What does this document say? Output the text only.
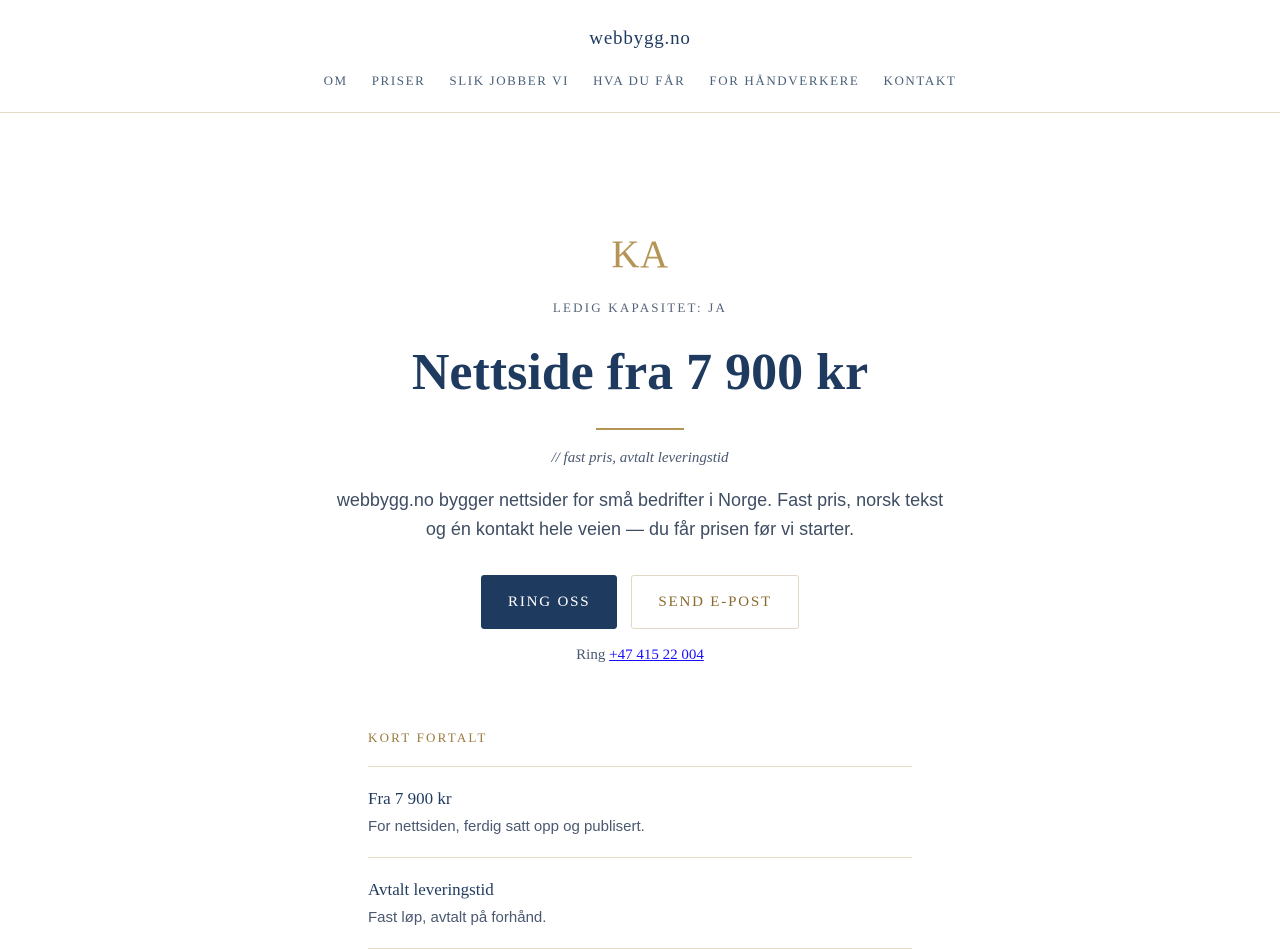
webbygg.no
OM PRISER SLIK JOBBER VI HVA DU FÅR FOR HÅNDVERKERE KONTAKT
KA
LEDIG KAPASITET: JA
Nettside fra 7 900 kr
// fast pris, avtalt leveringstid

webbygg.no bygger nettsider for små bedrifter i Norge. Fast pris, norsk tekst og én kontakt hele veien — du får prisen før vi starter.

RING OSS	SEND E-POST
Ring +47 415 22 004
KORT FORTALT
Fra 7 900 kr
For nettsiden, ferdig satt opp og publisert.
Avtalt leveringstid
Fast løp, avtalt på forhånd.
